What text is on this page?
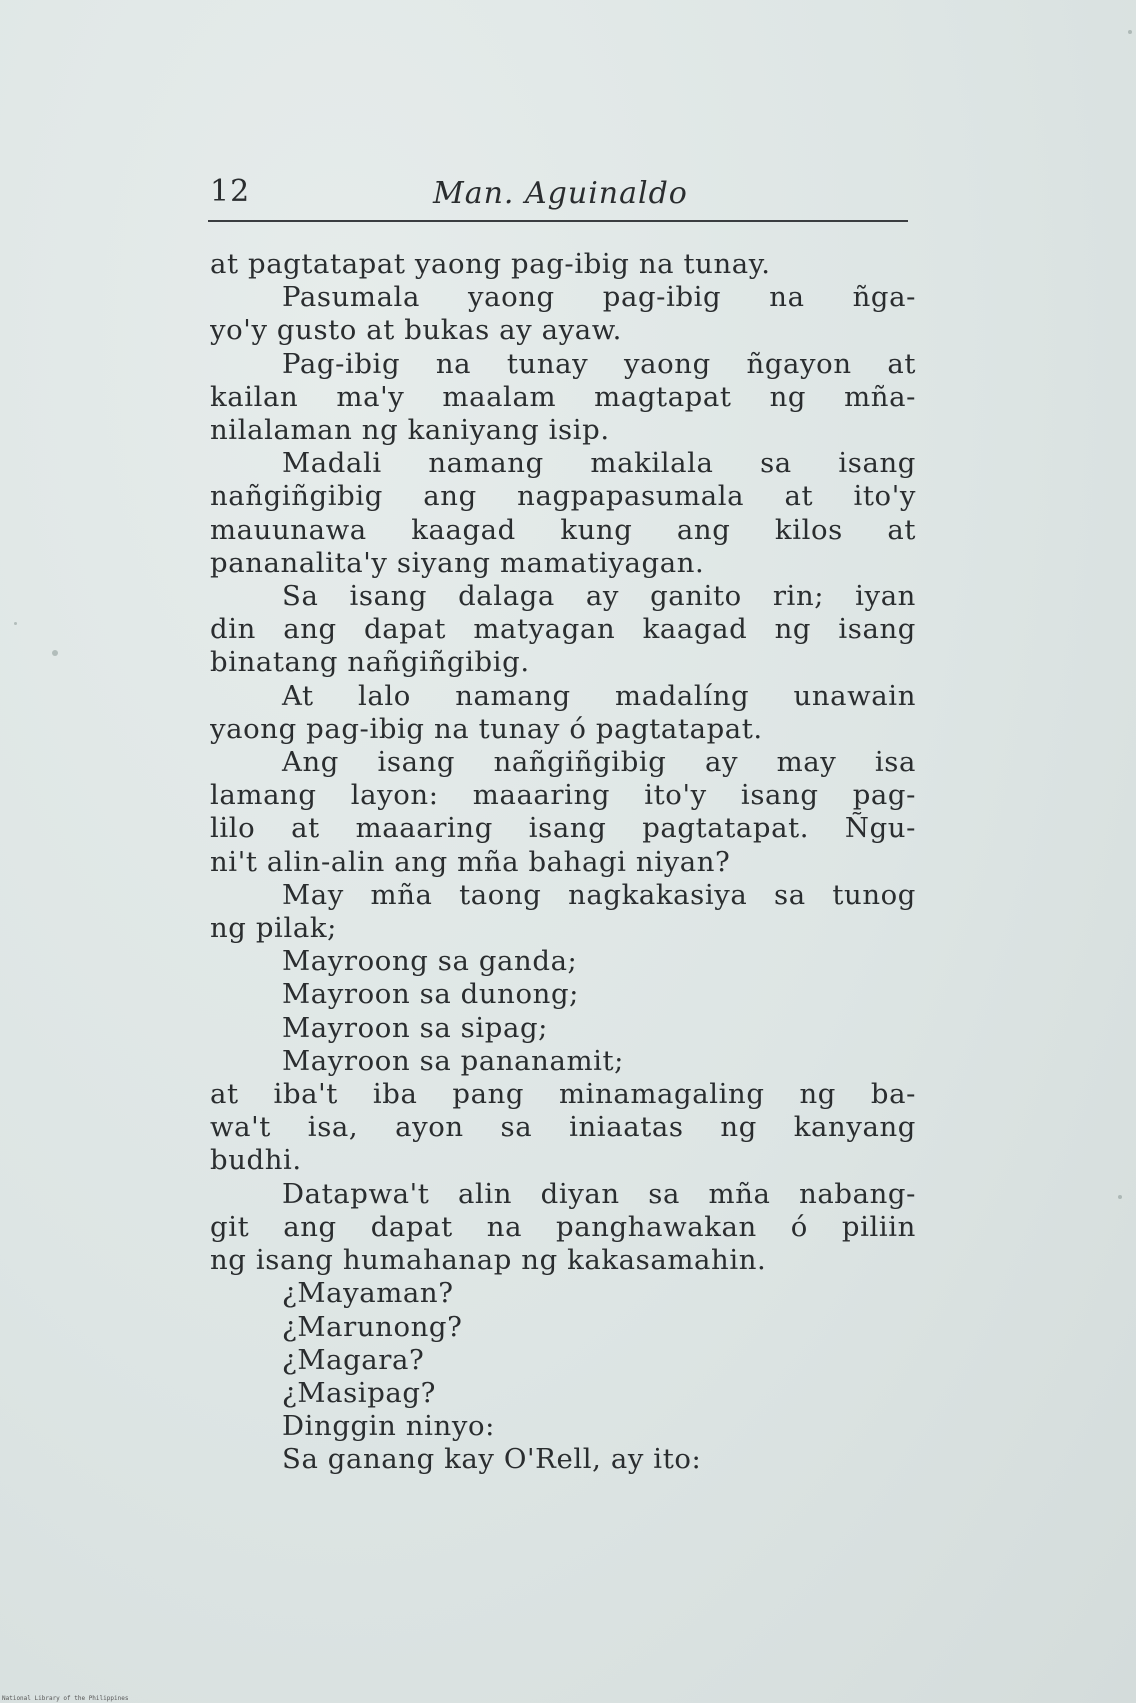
12	Man. Aguinaldo
at pagtatapat yaong pag-ibig na tunay.
Pasumala yaong pag-ibig na ñga-
yo'y gusto at bukas ay ayaw.
Pag-ibig na tunay yaong ñgayon at
kailan ma'y maalam magtapat ng mña-
nilalaman ng kaniyang isip.
Madali namang makilala sa isang
nañgiñgibig ang nagpapasumala at ito'y
mauunawa kaagad kung ang kilos at
pananalita'y siyang mamatiyagan.
Sa isang dalaga ay ganito rin; iyan
din ang dapat matyagan kaagad ng isang
binatang nañgiñgibig.
At lalo namang madalíng unawain
yaong pag-ibig na tunay ó pagtatapat.
Ang isang nañgiñgibig ay may isa
lamang layon: maaaring ito'y isang pag-
lilo at maaaring isang pagtatapat. Ñgu-
ni't alin-alin ang mña bahagi niyan?
May mña taong nagkakasiya sa tunog
ng pilak;
Mayroong sa ganda;
Mayroon sa dunong;
Mayroon sa sipag;
Mayroon sa pananamit;
at iba't iba pang minamagaling ng ba-
wa't isa, ayon sa iniaatas ng kanyang
budhi.
Datapwa't alin diyan sa mña nabang-
git ang dapat na panghawakan ó piliin
ng isang humahanap ng kakasamahin.
¿Mayaman?
¿Marunong?
¿Magara?
¿Masipag?
Dinggin ninyo:
Sa ganang kay O'Rell, ay ito:
National Library of the Philippines
